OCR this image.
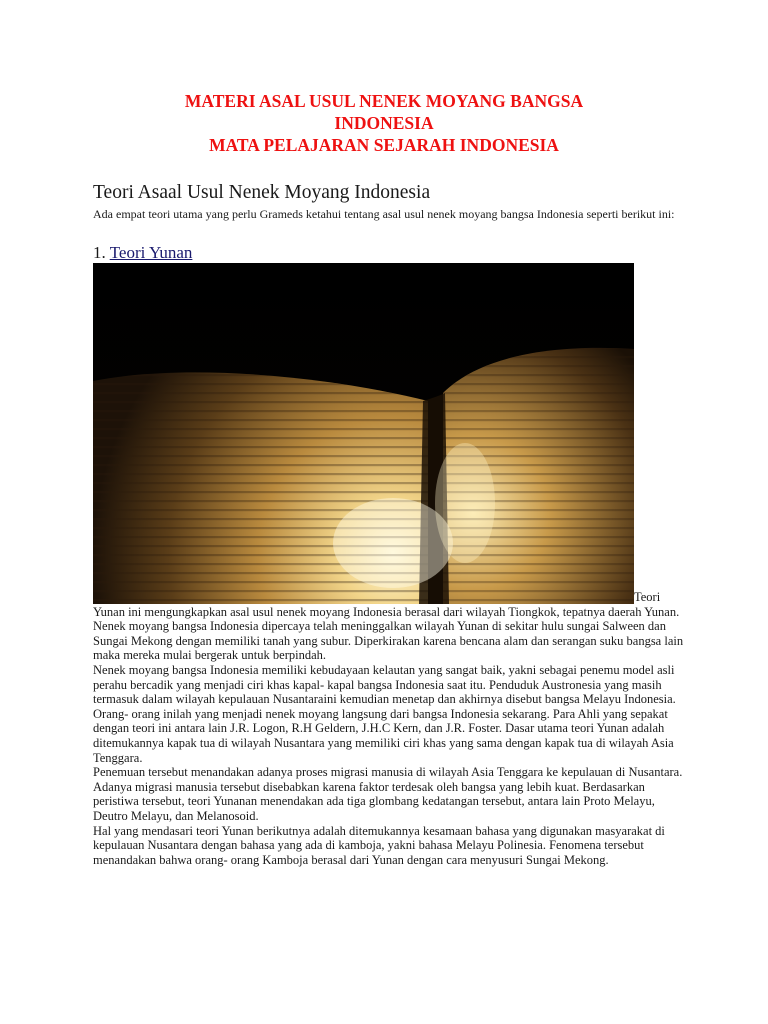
MATERI ASAL USUL NENEK MOYANG BANGSA
INDONESIA
MATA PELAJARAN SEJARAH INDONESIA
Teori Asaal Usul Nenek Moyang Indonesia
Ada empat teori utama yang perlu Grameds ketahui tentang asal usul nenek moyang bangsa Indonesia seperti berikut ini:
1. Teori Yunan

Teori Yunan ini mengungkapkan asal usul nenek moyang Indonesia berasal dari wilayah Tiongkok, tepatnya daerah Yunan. Nenek moyang bangsa Indonesia dipercaya telah meninggalkan wilayah Yunan di sekitar hulu sungai Salween dan Sungai Mekong dengan memiliki tanah yang subur. Diperkirakan karena bencana alam dan serangan suku bangsa lain maka mereka mulai bergerak untuk berpindah.

Nenek moyang bangsa Indonesia memiliki kebudayaan kelautan yang sangat baik, yakni sebagai penemu model asli perahu bercadik yang menjadi ciri khas kapal- kapal bangsa Indonesia saat itu. Penduduk Austronesia yang masih termasuk dalam wilayah kepulauan Nusantaraini kemudian menetap dan akhirnya disebut bangsa Melayu Indonesia.

Orang- orang inilah yang menjadi nenek moyang langsung dari bangsa Indonesia sekarang. Para Ahli yang sepakat dengan teori ini antara lain J.R. Logon, R.H Geldern, J.H.C Kern, dan J.R. Foster. Dasar utama teori Yunan adalah ditemukannya kapak tua di wilayah Nusantara yang memiliki ciri khas yang sama dengan kapak tua di wilayah Asia Tenggara.

Penemuan tersebut menandakan adanya proses migrasi manusia di wilayah Asia Tenggara ke kepulauan di Nusantara. Adanya migrasi manusia tersebut disebabkan karena faktor terdesak oleh bangsa yang lebih kuat. Berdasarkan peristiwa tersebut, teori Yunanan menendakan ada tiga glombang kedatangan tersebut, antara lain Proto Melayu, Deutro Melayu, dan Melanosoid.

Hal yang mendasari teori Yunan berikutnya adalah ditemukannya kesamaan bahasa yang digunakan masyarakat di kepulauan Nusantara dengan bahasa yang ada di kamboja, yakni bahasa Melayu Polinesia. Fenomena tersebut menandakan bahwa orang- orang Kamboja berasal dari Yunan dengan cara menyusuri Sungai Mekong.
